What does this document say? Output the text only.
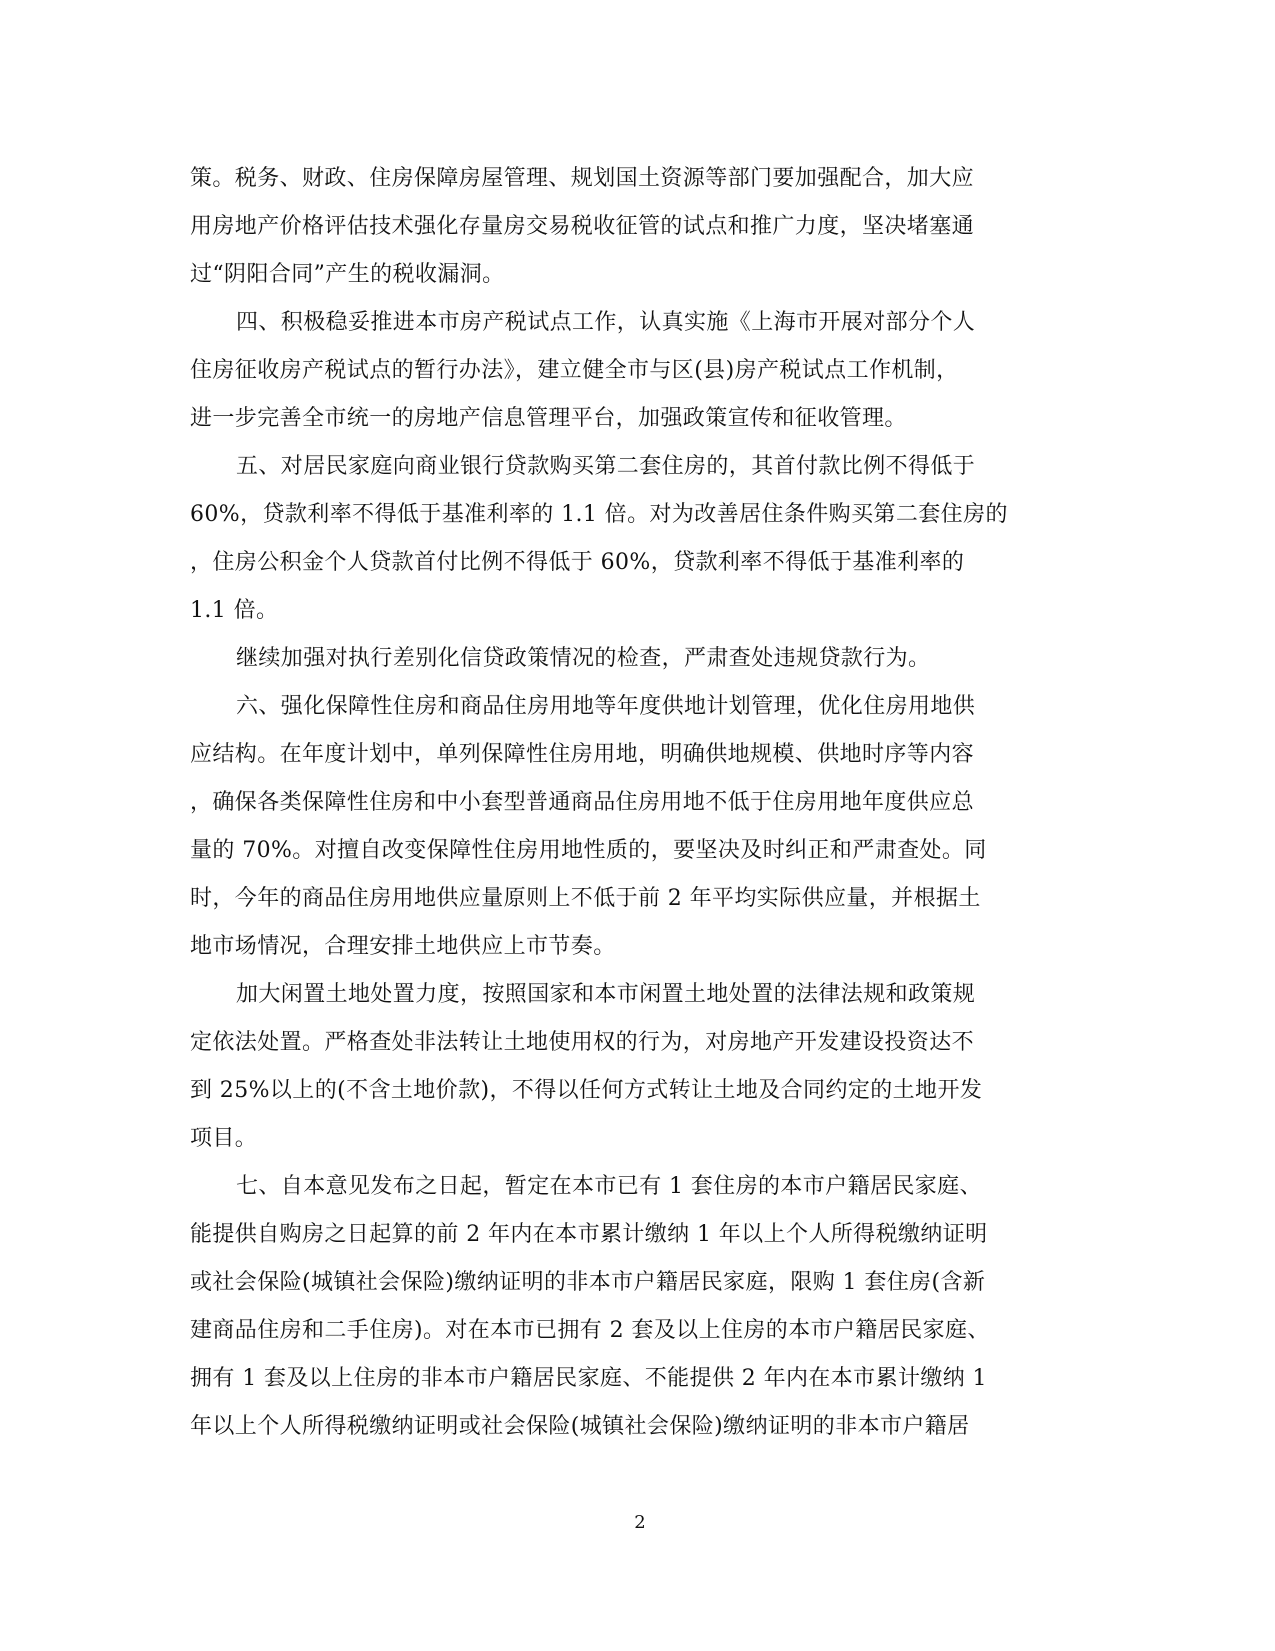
策。税务、财政、住房保障房屋管理、规划国土资源等部门要加强配合，加大应
用房地产价格评估技术强化存量房交易税收征管的试点和推广力度，坚决堵塞通
过“阴阳合同”产生的税收漏洞。
四、积极稳妥推进本市房产税试点工作，认真实施《上海市开展对部分个人
住房征收房产税试点的暂行办法》，建立健全市与区(县)房产税试点工作机制，
进一步完善全市统一的房地产信息管理平台，加强政策宣传和征收管理。
五、对居民家庭向商业银行贷款购买第二套住房的，其首付款比例不得低于
60%，贷款利率不得低于基准利率的 1.1 倍。对为改善居住条件购买第二套住房的
，住房公积金个人贷款首付比例不得低于 60%，贷款利率不得低于基准利率的
1.1 倍。
继续加强对执行差别化信贷政策情况的检查，严肃查处违规贷款行为。
六、强化保障性住房和商品住房用地等年度供地计划管理，优化住房用地供
应结构。在年度计划中，单列保障性住房用地，明确供地规模、供地时序等内容
，确保各类保障性住房和中小套型普通商品住房用地不低于住房用地年度供应总
量的 70%。对擅自改变保障性住房用地性质的，要坚决及时纠正和严肃查处。同
时，今年的商品住房用地供应量原则上不低于前 2 年平均实际供应量，并根据土
地市场情况，合理安排土地供应上市节奏。
加大闲置土地处置力度，按照国家和本市闲置土地处置的法律法规和政策规
定依法处置。严格查处非法转让土地使用权的行为，对房地产开发建设投资达不
到 25%以上的(不含土地价款)，不得以任何方式转让土地及合同约定的土地开发
项目。
七、自本意见发布之日起，暂定在本市已有 1 套住房的本市户籍居民家庭、
能提供自购房之日起算的前 2 年内在本市累计缴纳 1 年以上个人所得税缴纳证明
或社会保险(城镇社会保险)缴纳证明的非本市户籍居民家庭，限购 1 套住房(含新
建商品住房和二手住房)。对在本市已拥有 2 套及以上住房的本市户籍居民家庭、
拥有 1 套及以上住房的非本市户籍居民家庭、不能提供 2 年内在本市累计缴纳 1
年以上个人所得税缴纳证明或社会保险(城镇社会保险)缴纳证明的非本市户籍居
2
